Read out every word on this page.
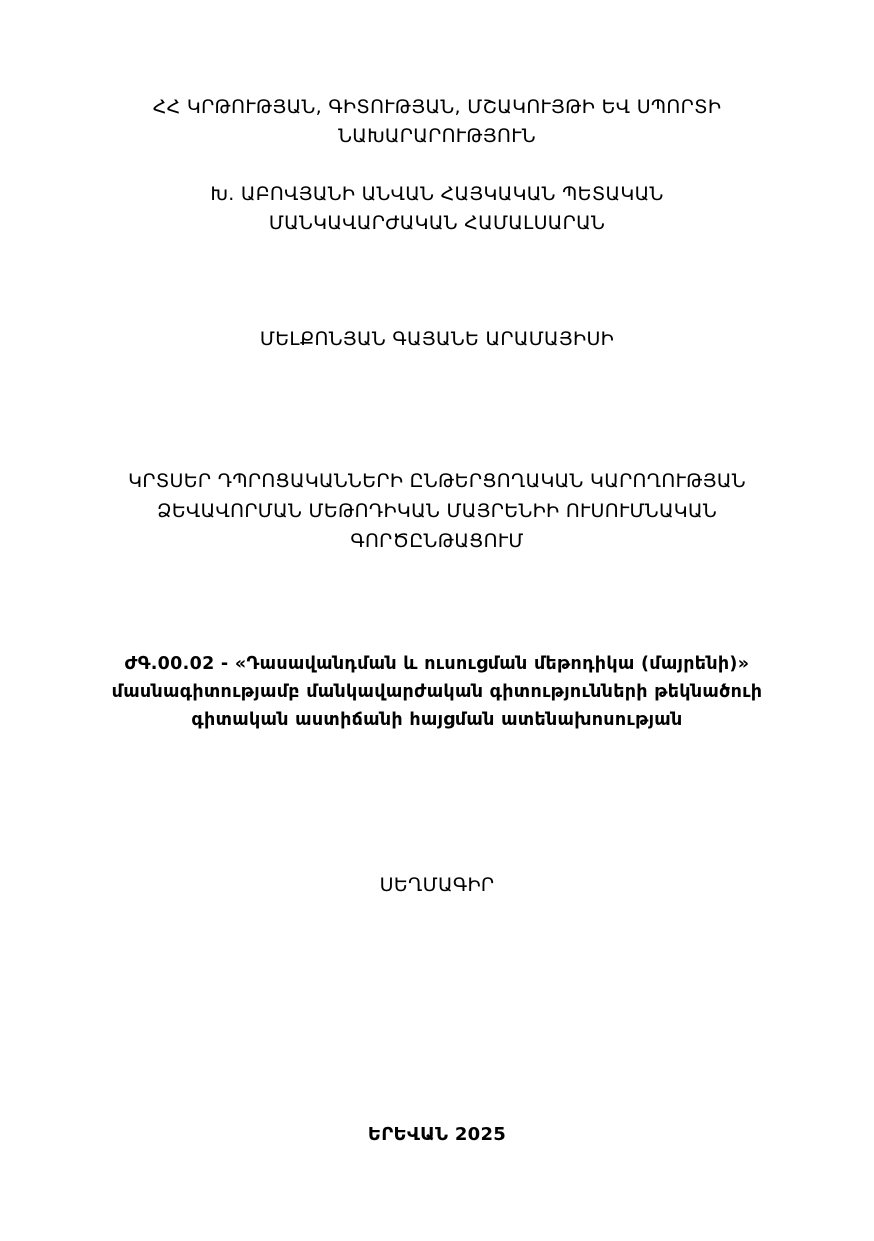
ՀՀ ԿՐԹՈՒԹՅԱՆ, ԳԻՏՈՒԹՅԱՆ, ՄՇԱԿՈՒՅԹԻ ԵՎ ՍՊՈՐՏԻ
ՆԱԽԱՐԱՐՈՒԹՅՈՒՆ
Խ. ԱԲՈՎՅԱՆԻ ԱՆՎԱՆ ՀԱՅԿԱԿԱՆ ՊԵՏԱԿԱՆ
ՄԱՆԿԱՎԱՐԺԱԿԱՆ ՀԱՄԱԼՍԱՐԱՆ
ՄԵԼՔՈՆՅԱՆ ԳԱՅԱՆԵ ԱՐԱՄԱՅԻՍԻ
ԿՐՏՍԵՐ ԴՊՐՈՑԱԿԱՆՆԵՐԻ ԸՆԹԵՐՑՈՂԱԿԱՆ ԿԱՐՈՂՈՒԹՅԱՆ
ՁԵՎԱՎՈՐՄԱՆ ՄԵԹՈԴԻԿԱՆ ՄԱՅՐԵՆԻԻ ՈՒՍՈՒՄՆԱԿԱՆ
ԳՈՐԾԸՆԹԱՑՈՒՄ
ԺԳ.00.02 - «Դասավանդման և ուսուցման մեթոդիկա (մայրենի)»
մասնագիտությամբ մանկավարժական գիտությունների թեկնածուի
գիտական աստիճանի հայցման ատենախոսության
ՍԵՂՄԱԳԻՐ
ԵՐԵՎԱՆ 2025
